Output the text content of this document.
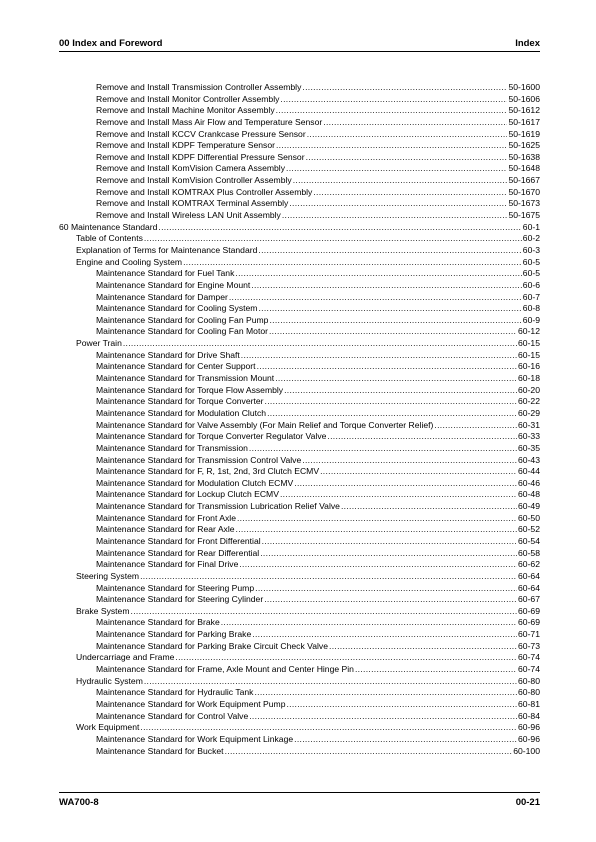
00 Index and Foreword	Index
Remove and Install Transmission Controller Assembly .....	50-1600
Remove and Install Monitor Controller Assembly .....	50-1606
Remove and Install Machine Monitor Assembly .....	50-1612
Remove and Install Mass Air Flow and Temperature Sensor .....	50-1617
Remove and Install KCCV Crankcase Pressure Sensor .....	50-1619
Remove and Install KDPF Temperature Sensor .....	50-1625
Remove and Install KDPF Differential Pressure Sensor .....	50-1638
Remove and Install KomVision Camera Assembly .....	50-1648
Remove and Install KomVision Controller Assembly .....	50-1667
Remove and Install KOMTRAX Plus Controller Assembly .....	50-1670
Remove and Install KOMTRAX Terminal Assembly .....	50-1673
Remove and Install Wireless LAN Unit Assembly .....	50-1675
60 Maintenance Standard .....	60-1
Table of Contents .....	60-2
Explanation of Terms for Maintenance Standard .....	60-3
Engine and Cooling System .....	60-5
Maintenance Standard for Fuel Tank .....	60-5
Maintenance Standard for Engine Mount .....	60-6
Maintenance Standard for Damper .....	60-7
Maintenance Standard for Cooling System .....	60-8
Maintenance Standard for Cooling Fan Pump .....	60-9
Maintenance Standard for Cooling Fan Motor .....	60-12
Power Train .....	60-15
Maintenance Standard for Drive Shaft .....	60-15
Maintenance Standard for Center Support .....	60-16
Maintenance Standard for Transmission Mount .....	60-18
Maintenance Standard for Torque Flow Assembly .....	60-20
Maintenance Standard for Torque Converter .....	60-22
Maintenance Standard for Modulation Clutch .....	60-29
Maintenance Standard for Valve Assembly (For Main Relief and Torque Converter Relief) .....	60-31
Maintenance Standard for Torque Converter Regulator Valve .....	60-33
Maintenance Standard for Transmission .....	60-35
Maintenance Standard for Transmission Control Valve .....	60-43
Maintenance Standard for F, R, 1st, 2nd, 3rd Clutch ECMV .....	60-44
Maintenance Standard for Modulation Clutch ECMV .....	60-46
Maintenance Standard for Lockup Clutch ECMV .....	60-48
Maintenance Standard for Transmission Lubrication Relief Valve .....	60-49
Maintenance Standard for Front Axle .....	60-50
Maintenance Standard for Rear Axle .....	60-52
Maintenance Standard for Front Differential .....	60-54
Maintenance Standard for Rear Differential .....	60-58
Maintenance Standard for Final Drive .....	60-62
Steering System .....	60-64
Maintenance Standard for Steering Pump .....	60-64
Maintenance Standard for Steering Cylinder .....	60-67
Brake System .....	60-69
Maintenance Standard for Brake .....	60-69
Maintenance Standard for Parking Brake .....	60-71
Maintenance Standard for Parking Brake Circuit Check Valve .....	60-73
Undercarriage and Frame .....	60-74
Maintenance Standard for Frame, Axle Mount and Center Hinge Pin .....	60-74
Hydraulic System .....	60-80
Maintenance Standard for Hydraulic Tank .....	60-80
Maintenance Standard for Work Equipment Pump .....	60-81
Maintenance Standard for Control Valve .....	60-84
Work Equipment .....	60-96
Maintenance Standard for Work Equipment Linkage .....	60-96
Maintenance Standard for Bucket .....	60-100
WA700-8	00-21
